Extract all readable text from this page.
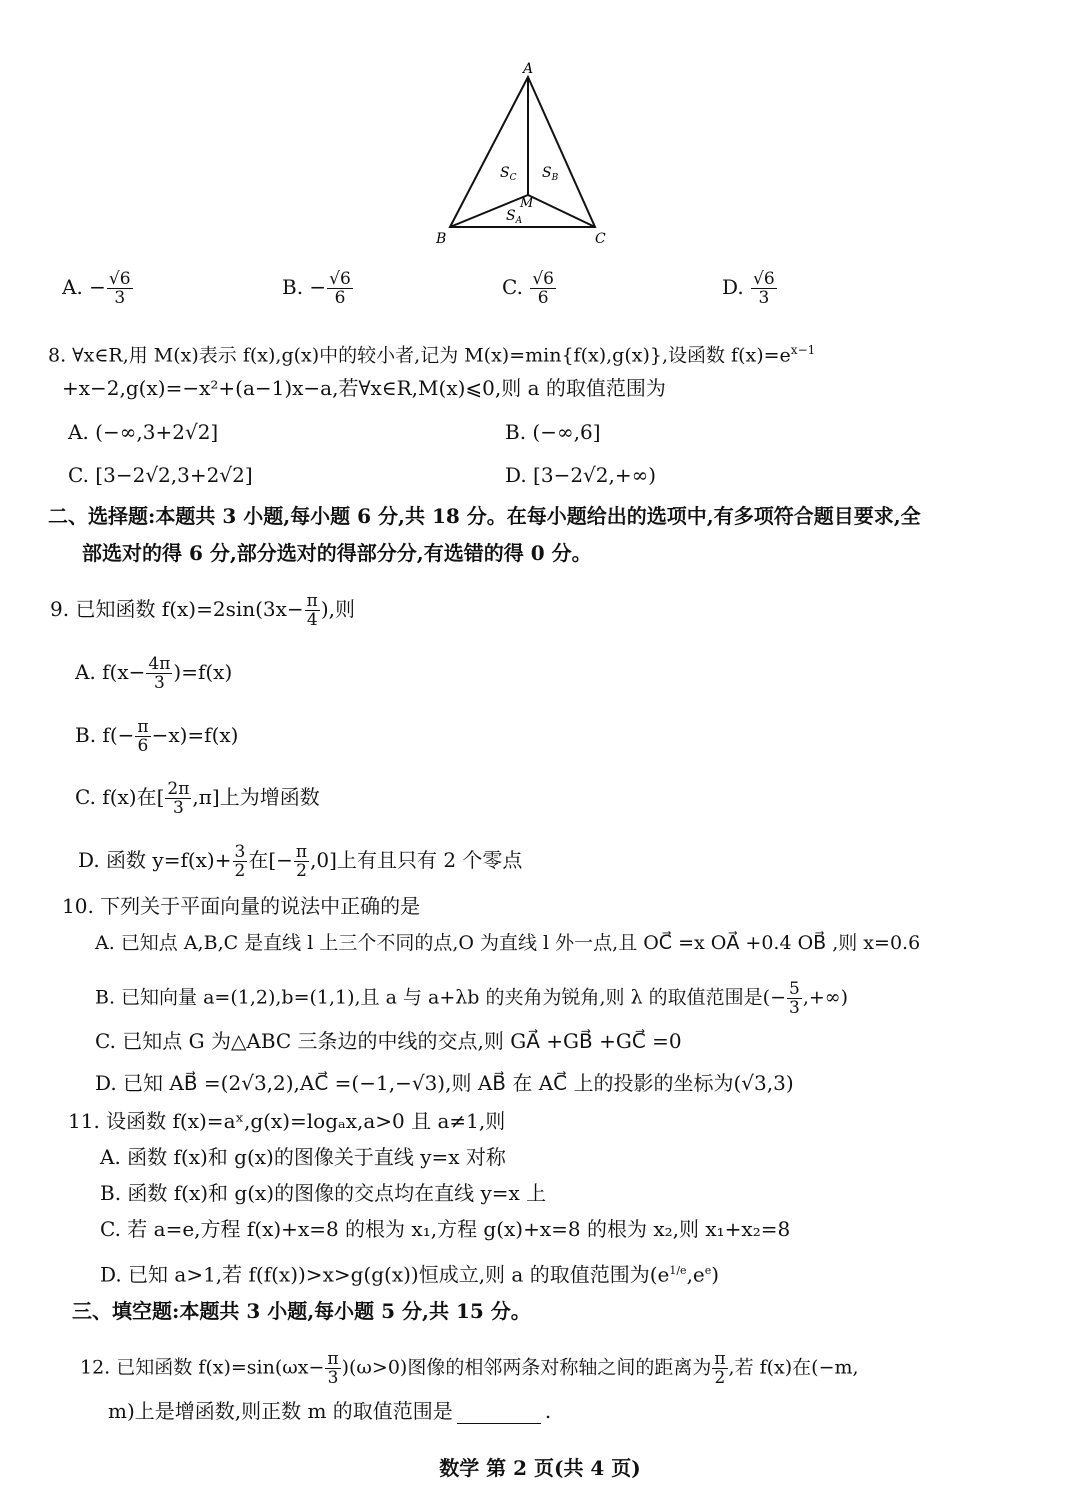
A
B	C
M
$S_C$ $S_B$
$S_A$
A. − $\frac{√6}{3}$	B. − $\frac{√6}{6}$	C. $\frac{√6}{6}$	D. $\frac{√6}{3}$
8. ∀x∈R,用 M(x)表示 f(x),g(x)中的较小者,记为 M(x)=min{f(x),g(x)},设函数 $f(x)=e^{x-1}$
+x−2,g(x)=−x²+(a−1)x−a,若∀x∈R,M(x)⩽0,则 a 的取值范围为
A. (−∞,3+2√2]	B. (−∞,6]
C. [3−2√2,3+2√2]	D. [3−2√2,+∞)
二、选择题:本题共 3 小题,每小题 6 分,共 18 分。在每小题给出的选项中,有多项符合题目要求,全
部选对的得 6 分,部分选对的得部分分,有选错的得 0 分。
9. 已知函数 $f(x)=2\sin(3x- \frac{\pi}{4}$ ),则
A. $f(x- \frac{4\pi}{3} )=f(x)$
B. $f(- \frac{\pi}{6} -x)=f(x)$
C. f(x)在[ $\frac{2\pi}{3} ,\pi$]上为增函数
D. 函数 $y=f(x)+ \frac{3}{2}$ 在[− $\frac{\pi}{2} ,0$]上有且只有 2 个零点
10. 下列关于平面向量的说法中正确的是
A. 已知点 A,B,C 是直线 l 上三个不同的点,O 为直线 l 外一点,且 OC⃗ =x OA⃗ +0.4 OB⃗ ,则 x=0.6
B. 已知向量 a=(1,2),b=(1,1),且 a 与 a+λb 的夹角为锐角,则 λ 的取值范围是(− $\frac{5}{3}$ ,+∞)
C. 已知点 G 为△ABC 三条边的中线的交点,则 GA⃗ +GB⃗ +GC⃗ =0
D. 已知 AB⃗ =(2√3,2),AC⃗ =(−1,−√3),则 AB⃗ 在 AC⃗ 上的投影的坐标为(√3,3)
11. 设函数 f(x)=aˣ,g(x)=logₐx,a>0 且 a≠1,则
A. 函数 f(x)和 g(x)的图像关于直线 y=x 对称
B. 函数 f(x)和 g(x)的图像的交点均在直线 y=x 上
C. 若 a=e,方程 f(x)+x=8 的根为 x₁,方程 g(x)+x=8 的根为 x₂,则 x₁+x₂=8
D. 已知 a>1,若 f(f(x))>x>g(g(x))恒成立,则 a 的取值范围为$(e^{1/e},e^e)$
三、填空题:本题共 3 小题,每小题 5 分,共 15 分。
12. 已知函数 $f(x)=\sin(\omega x- \frac{\pi}{3} )(\omega>0)$图像的相邻两条对称轴之间的距离为 $\frac{\pi}{2}$ ,若 f(x)在(−m,
m)上是增函数,则正数 m 的取值范围是	.
数学 第 2 页(共 4 页)
